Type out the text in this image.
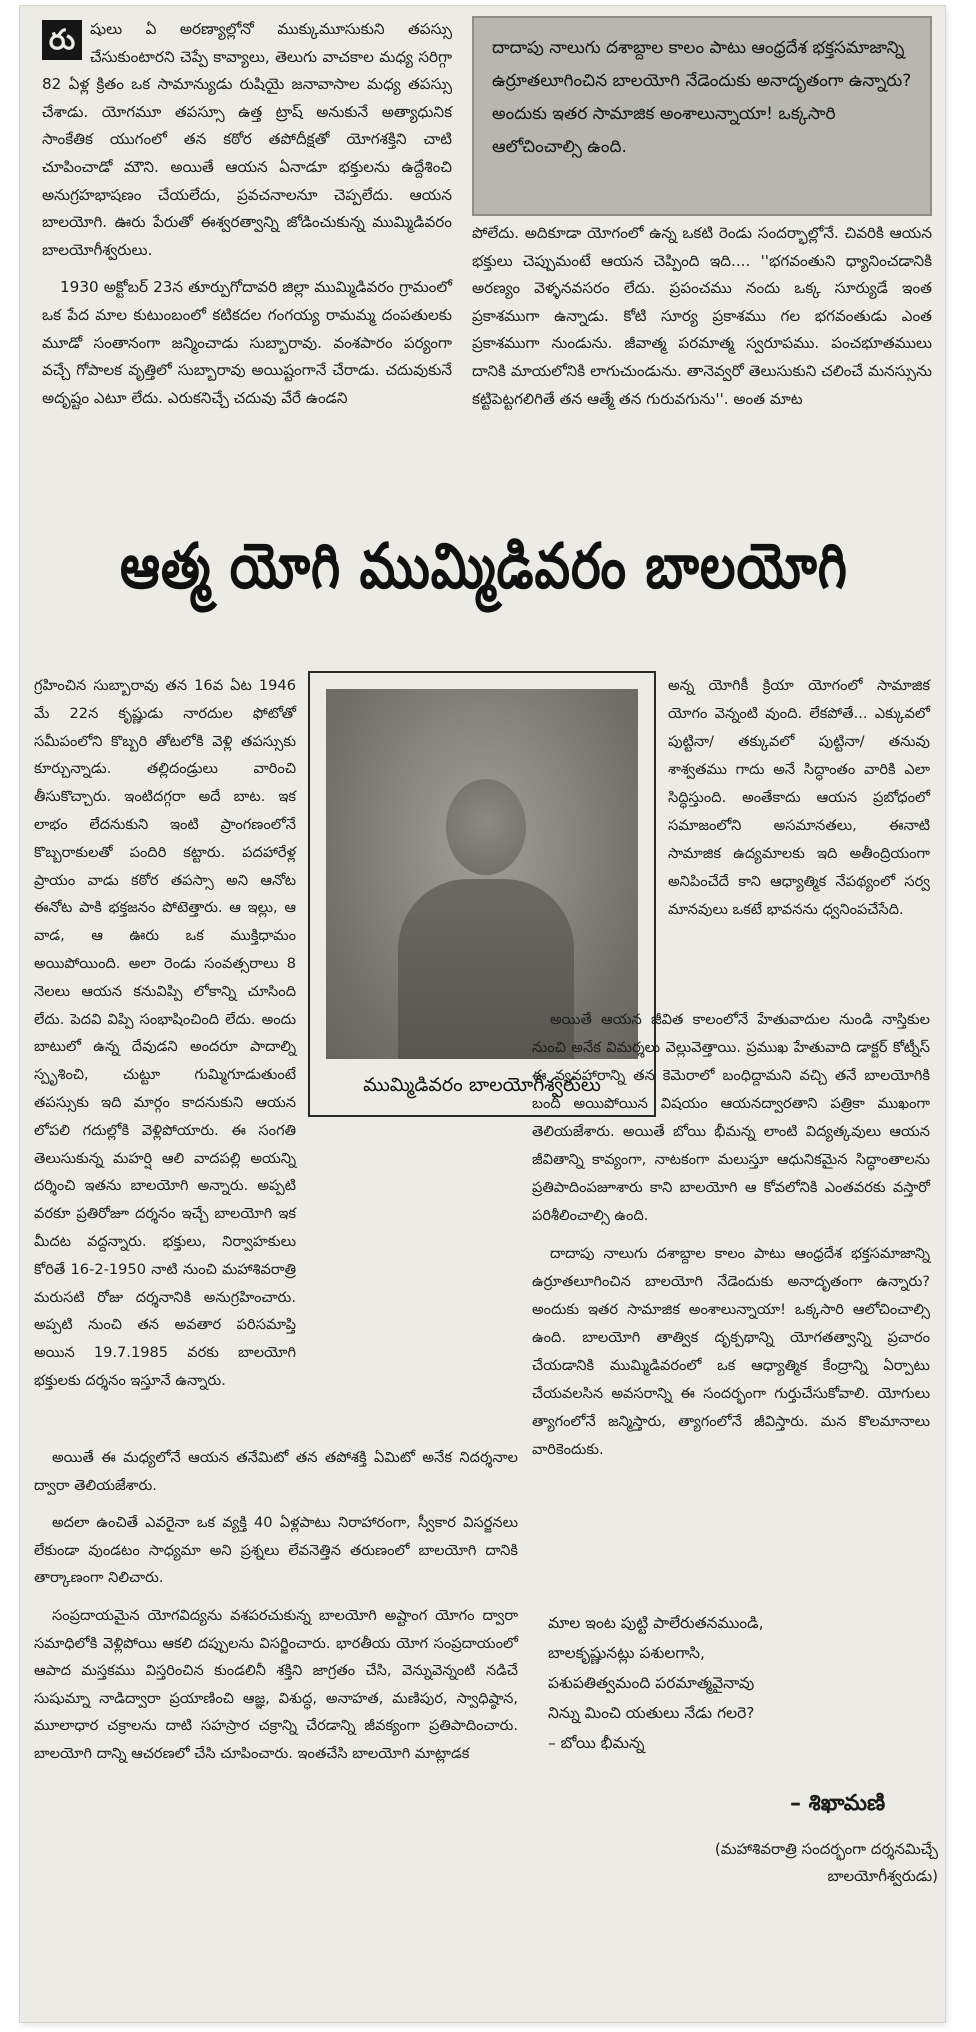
రు షులు ఏ అరణ్యాల్లోనో ముక్కుమూసుకుని తపస్సు చేసుకుంటారని చెప్పే కావ్యాలు, తెలుగు వాచకాల మధ్య సరిగ్గా 82 ఏళ్ల క్రితం ఒక సామాన్యుడు రుషియై జనావాసాల మధ్య తపస్సు చేశాడు. యోగమూ తపస్సూ ఉత్త ట్రాష్ అనుకునే అత్యాధునిక సాంకేతిక యుగంలో తన కఠోర తపోదీక్షతో యోగశక్తిని చాటి చూపించాడో మౌని. అయితే ఆయన ఏనాడూ భక్తులను ఉద్దేశించి అనుగ్రహభాషణం చేయలేదు, ప్రవచనాలనూ చెప్పలేదు. ఆయన బాలయోగి. ఊరు పేరుతో ఈశ్వరత్వాన్ని జోడించుకున్న ముమ్మిడివరం బాలయోగీశ్వరులు.

1930 అక్టోబర్ 23న తూర్పుగోదావరి జిల్లా ముమ్మిడివరం గ్రామంలో ఒక పేద మాల కుటుంబంలో కటికదల గంగయ్య రామమ్మ దంపతులకు మూడో సంతానంగా జన్మించాడు సుబ్బారావు. వంశపారం పర్యంగా వచ్చే గోపాలక వృత్తిలో సుబ్బారావు అయిష్టంగానే చేరాడు. చదువుకునే అదృష్టం ఎటూ లేదు. ఎరుకనిచ్చే చదువు వేరే ఉండని

దాదాపు నాలుగు దశాబ్దాల కాలం పాటు ఆంధ్రదేశ భక్తసమాజాన్ని ఉర్రూతలూగించిన బాలయోగి నేడెందుకు అనాదృతంగా ఉన్నారు? అందుకు ఇతర సామాజిక అంశాలున్నాయా! ఒక్కసారి ఆలోచించాల్సి ఉంది.

పోలేదు. అదికూడా యోగంలో ఉన్న ఒకటి రెండు సందర్భాల్లోనే. చివరికి ఆయన భక్తులు చెప్పుమంటే ఆయన చెప్పింది ఇది.... ''భగవంతుని ధ్యానించడానికి అరణ్యం వెళ్ళనవసరం లేదు. ప్రపంచము నందు ఒక్క సూర్యుడే ఇంత ప్రకాశముగా ఉన్నాడు. కోటి సూర్య ప్రకాశము గల భగవంతుడు ఎంత ప్రకాశముగా నుండును. జీవాత్మ పరమాత్మ స్వరూపము. పంచభూతములు దానికి మాయలోనికి లాగుచుండును. తానెవ్వరో తెలుసుకుని చలించే మనస్సును కట్టిపెట్టగలిగితే తన ఆత్మే తన గురువగును''. అంత మాట

ఆత్మ యోగి ముమ్మిడివరం బాలయోగి

గ్రహించిన సుబ్బారావు తన 16వ ఏట 1946 మే 22న కృష్ణుడు నారదుల ఫోటోతో సమీపంలోని కొబ్బరి తోటలోకి వెళ్లి తపస్సుకు కూర్చున్నాడు. తల్లిదండ్రులు వారించి తీసుకొచ్చారు. ఇంటిదగ్గరా అదే బాట. ఇక లాభం లేదనుకుని ఇంటి ప్రాంగణంలోనే కొబ్బరాకులతో పందిరి కట్టారు. పదహారేళ్ల ప్రాయం వాడు కఠోర తపస్సా అని ఆనోట ఈనోట పాకి భక్తజనం పోటెత్తారు. ఆ ఇల్లు, ఆ వాడ, ఆ ఊరు ఒక ముక్తిధామం అయిపోయింది. అలా రెండు సంవత్సరాలు 8 నెలలు ఆయన కనువిప్పి లోకాన్ని చూసింది లేదు. పెదవి విప్పి సంభాషించింది లేదు. అందు బాటులో ఉన్న దేవుడని అందరూ పాదాల్ని స్పృశించి, చుట్టూ గుమ్మిగూడుతుంటే తపస్సుకు ఇది మార్గం కాదనుకుని ఆయన లోపలి గదుల్లోకి వెళ్లిపోయారు. ఈ సంగతి తెలుసుకున్న మహర్షి ఆలి వాదపల్లి అయన్ని దర్శించి ఇతను బాలయోగి అన్నారు. అప్పటి వరకూ ప్రతిరోజూ దర్శనం ఇచ్చే బాలయోగి ఇక మీదట వద్దన్నారు. భక్తులు, నిర్వాహకులు కోరితే 16-2-1950 నాటి నుంచి మహాశివరాత్రి మరుసటి రోజు దర్శనానికి అనుగ్రహించారు. అప్పటి నుంచి తన అవతార పరిసమాప్తి అయిన 19.7.1985 వరకు బాలయోగి భక్తులకు దర్శనం ఇస్తూనే ఉన్నారు.

అయితే ఈ మధ్యలోనే ఆయన తనేమిటో తన తపోశక్తి ఏమిటో అనేక నిదర్శనాల ద్వారా తెలియజేశారు.

అదలా ఉంచితే ఎవరైనా ఒక వ్యక్తి 40 ఏళ్లపాటు నిరాహారంగా, స్వీకార విసర్జనలు లేకుండా వుండటం సాధ్యమా అని ప్రశ్నలు లేవనెత్తిన తరుణంలో బాలయోగి దానికి తార్కాణంగా నిలిచారు.

సంప్రదాయమైన యోగవిద్యను వశపరచుకున్న బాలయోగి అష్టాంగ యోగం ద్వారా సమాధిలోకి వెళ్లిపోయి ఆకలి దప్పులను విసర్జించారు. భారతీయ యోగ సంప్రదాయంలో ఆపాద మస్తకము విస్తరించిన కుండలినీ శక్తిని జాగ్రతం చేసి, వెన్నువెన్నంటి నడిచే సుషుమ్నా నాడిద్వారా ప్రయాణించి ఆజ్ఞ, విశుద్ధ, అనాహత, మణిపుర, స్వాధిష్ఠాన, మూలాధార చక్రాలను దాటి సహస్రార చక్రాన్ని చేరడాన్ని జీవక్యంగా ప్రతిపాదించారు. బాలయోగి దాన్ని ఆచరణలో చేసి చూపించారు. ఇంతచేసి బాలయోగి మాట్లాడక

ముమ్మిడివరం బాలయోగీశ్వరులు

అన్న యోగికీ క్రియా యోగంలో సామాజిక యోగం వెన్నంటి వుంది. లేకపోతే... ఎక్కువలో పుట్టినా/ తక్కువలో పుట్టినా/ తనువు శాశ్వతము గాదు అనే సిద్ధాంతం వారికి ఎలా సిద్ధిస్తుంది. అంతేకాదు ఆయన ప్రబోధంలో సమాజంలోని అసమానతలు, ఈనాటి సామాజిక ఉద్యమాలకు ఇది అతీంద్రియంగా అనిపించేదే కాని ఆధ్యాత్మిక నేపథ్యంలో సర్వ మానవులు ఒకటే భావనను ధ్వనింపచేసేది.

అయితే ఆయన జీవిత కాలంలోనే హేతువాదుల నుండి నాస్తికుల నుంచి అనేక విమర్శలు వెల్లువెత్తాయి. ప్రముఖ హేతువాది డాక్టర్ కోట్నీస్ ఈ వ్యవహారాన్ని తన కెమెరాలో బంధిద్దామని వచ్చి తనే బాలయోగికి బందీ అయిపోయిన విషయం ఆయనద్వారతాని పత్రికా ముఖంగా తెలియజేశారు. అయితే బోయి భీమన్న లాంటి విద్యత్కవులు ఆయన జీవితాన్ని కావ్యంగా, నాటకంగా మలుస్తూ ఆధునికమైన సిద్ధాంతాలను ప్రతిపాదింపజూశారు కాని బాలయోగి ఆ కోవలోనికి ఎంతవరకు వస్తారో పరిశీలించాల్సి ఉంది.

దాదాపు నాలుగు దశాబ్దాల కాలం పాటు ఆంధ్రదేశ భక్తసమాజాన్ని ఉర్రూతలూగించిన బాలయోగి నేడెందుకు అనాదృతంగా ఉన్నారు? అందుకు ఇతర సామాజిక అంశాలున్నాయా! ఒక్కసారి ఆలోచించాల్సి ఉంది. బాలయోగి తాత్విక దృక్పథాన్ని యోగతత్వాన్ని ప్రచారం చేయడానికి ముమ్మిడివరంలో ఒక ఆధ్యాత్మిక కేంద్రాన్ని ఏర్పాటు చేయవలసిన అవసరాన్ని ఈ సందర్భంగా గుర్తుచేసుకోవాలి. యోగులు త్యాగంలోనే జన్మిస్తారు, త్యాగంలోనే జీవిస్తారు. మన కొలమానాలు వారికెందుకు.

మాల ఇంట పుట్టి పాలేరుతనముండి,
బాలకృష్ణునట్లు పశులగాసి,
పశుపతిత్వమంది పరమాత్మవైనావు
నిన్ను మించి యతులు నేడు గలరె?
– బోయి భీమన్న
– శిఖామణి
(మహాశివరాత్రి సందర్భంగా దర్శనమిచ్చే బాలయోగీశ్వరుడు)
